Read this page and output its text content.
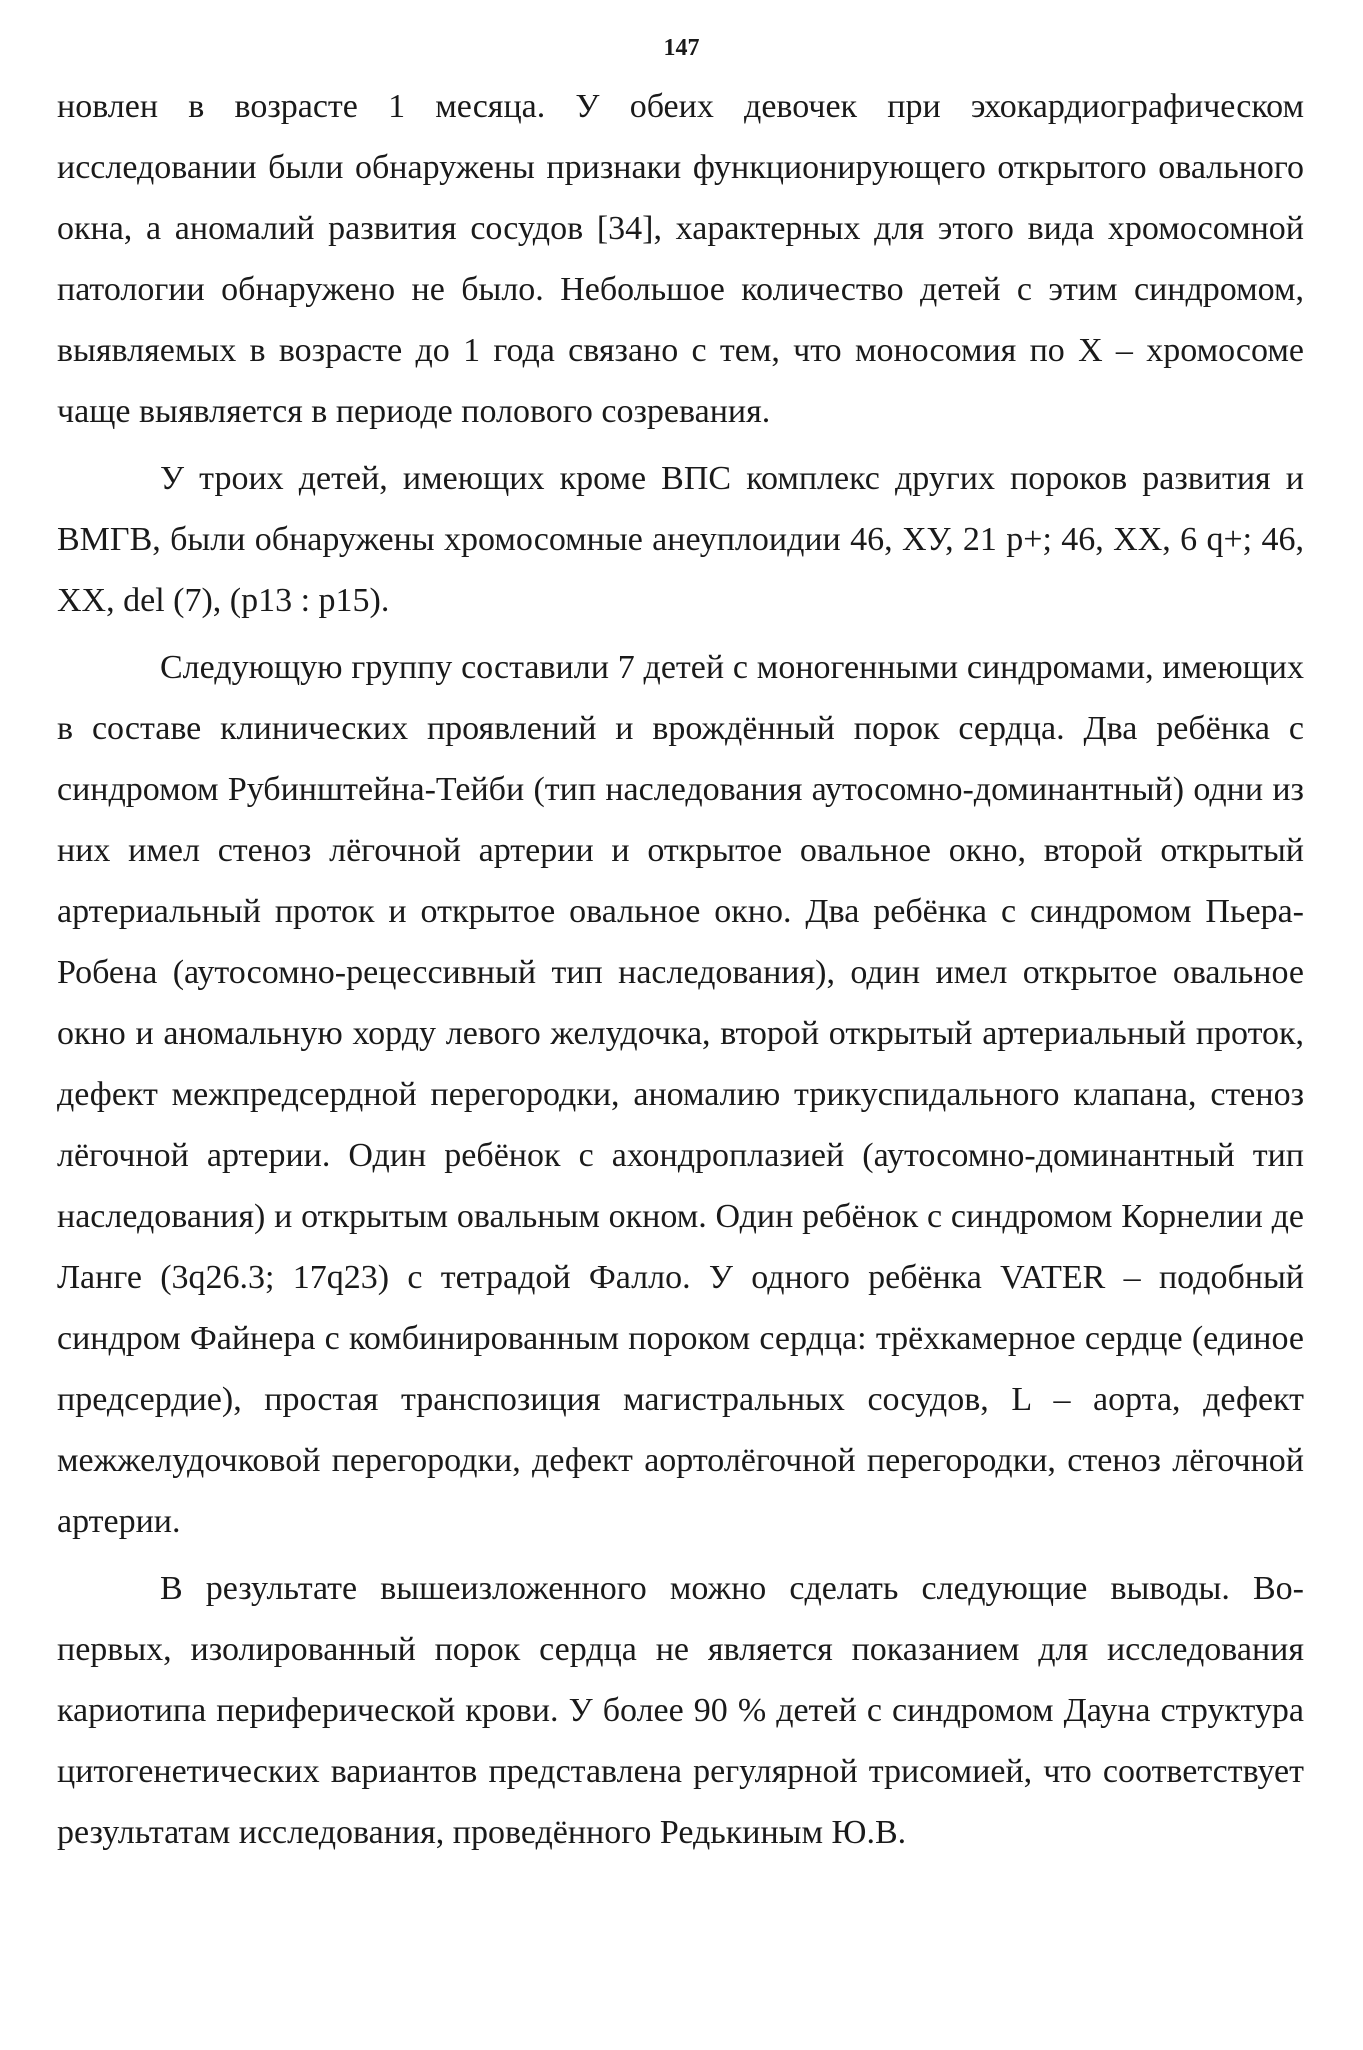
147

новлен в возрасте 1 месяца. У обеих девочек при эхокардиографическом исследовании были обнаружены признаки функционирующего открытого овального окна, а аномалий развития сосудов [34], характерных для этого вида хромосомной патологии обнаружено не было. Небольшое количество детей с этим синдромом, выявляемых в возрасте до 1 года связано с тем, что моносомия по Х – хромосоме чаще выявляется в периоде полового созревания.

У троих детей, имеющих кроме ВПС комплекс других пороков развития и ВМГВ, были обнаружены хромосомные анеуплоидии 46, ХУ, 21 р+; 46, ХХ, 6 q+; 46, XX, del (7), (p13 : p15).

Следующую группу составили 7 детей с моногенными синдромами, имеющих в составе клинических проявлений и врождённый порок сердца. Два ребёнка с синдромом Рубинштейна-Тейби (тип наследования аутосомно-доминантный) одни из них имел стеноз лёгочной артерии и открытое овальное окно, второй открытый артериальный проток и открытое овальное окно. Два ребёнка с синдромом Пьера-Робена (аутосомно-рецессивный тип наследования), один имел открытое овальное окно и аномальную хорду левого желудочка, второй открытый артериальный проток, дефект межпредсердной перегородки, аномалию трикуспидального клапана, стеноз лёгочной артерии. Один ребёнок с ахондроплазией (аутосомно-доминантный тип наследования) и открытым овальным окном. Один ребёнок с синдромом Корнелии де Ланге (3q26.3; 17q23) с тетрадой Фалло. У одного ребёнка VATER – подобный синдром Файнера с комбинированным пороком сердца: трёхкамерное сердце (единое предсердие), простая транспозиция магистральных сосудов, L – аорта, дефект межжелудочковой перегородки, дефект аортолёгочной перегородки, стеноз лёгочной артерии.

В результате вышеизложенного можно сделать следующие выводы. Во-первых, изолированный порок сердца не является показанием для исследования кариотипа периферической крови. У более 90 % детей с синдромом Дауна структура цитогенетических вариантов представлена регулярной трисомией, что соответствует результатам исследования, проведённого Редькиным Ю.В.
